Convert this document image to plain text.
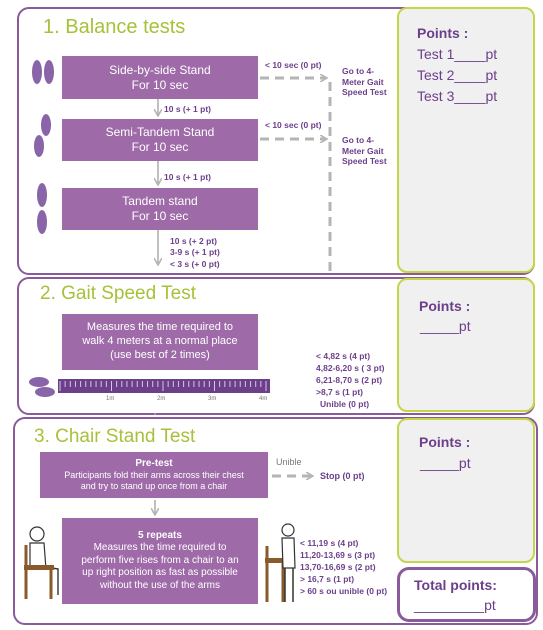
1. Balance tests	Points :
Test 1____pt
Test 2____pt
Test 3____pt
Side-by-side Stand
For 10 sec
Semi-Tandem Stand
For 10 sec
Tandem stand
For 10 sec
< 10 sec (0 pt)
< 10 sec (0 pt)
Go to 4-
Meter Gait
Speed Test
Go to 4-
Meter Gait
Speed Test
10 s (+ 1 pt)
10 s (+ 1 pt)
10 s (+ 2 pt)
3-9 s (+ 1 pt)
< 3 s (+ 0 pt)
2. Gait Speed Test
Points :
_____pt
Measures the time required to
walk 4 meters at a normal place
(use best of 2 times)
1m	2m	3m	4m
< 4,82 s (4 pt)
4,82-6,20 s ( 3 pt)
6,21-8,70 s (2 pt)
>8,7 s (1 pt)
Unible (0 pt)
3. Chair Stand Test	Points :
_____pt
Total points:
_________pt
Pre-test
Participants fold their arms across their chest
and try to stand up once from a chair
5 repeats
Measures the time required to
perform five rises from a chair to an
up right position as fast as possible
without the use of the arms
Unible
Stop (0 pt)
< 11,19 s (4 pt)
11,20-13,69 s (3 pt)
13,70-16,69 s (2 pt)
> 16,7 s (1 pt)
> 60 s ou unible (0 pt)
